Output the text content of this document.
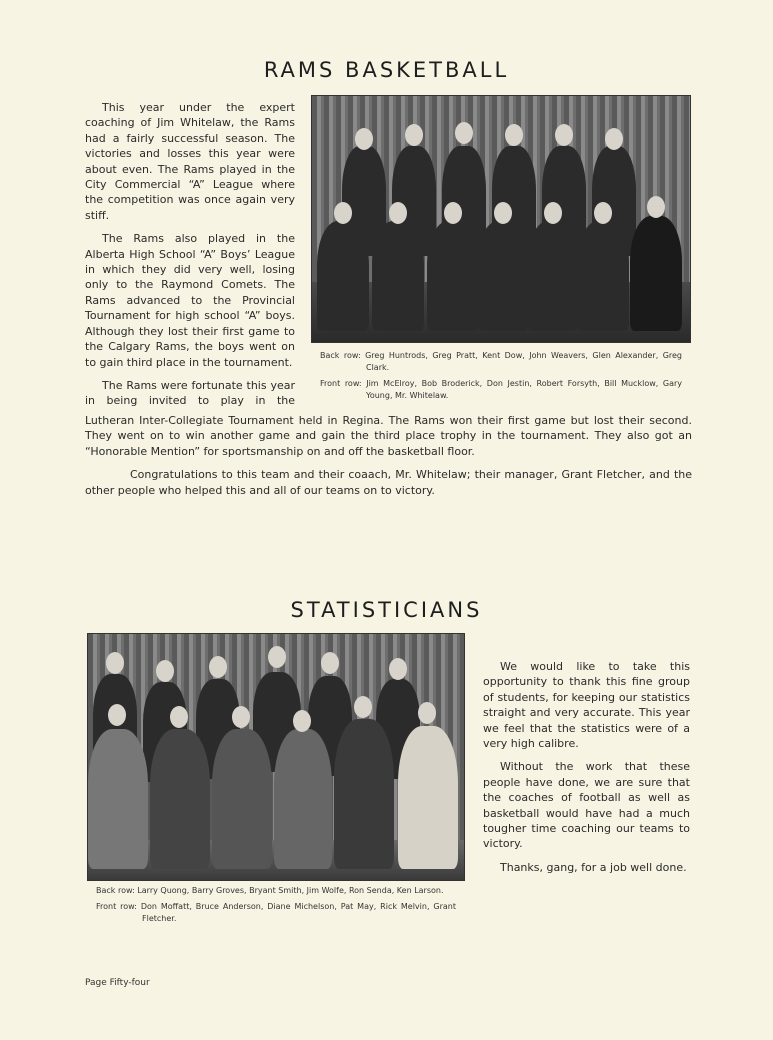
RAMS BASKETBALL

This year under the expert coaching of Jim Whitelaw, the Rams had a fairly successful season. The victories and losses this year were about even. The Rams played in the City Commercial “A” League where the competition was once again very stiff.

The Rams also played in the Alberta High School “A” Boys’ League in which they did very well, losing only to the Raymond Comets. The Rams advanced to the Provincial Tournament for high school “A” boys. Although they lost their first game to the Calgary Rams, the boys went on to gain third place in the tournament.

The Rams were fortunate this year in being invited to play in the

Back row: Greg Huntrods, Greg Pratt, Kent Dow, John Weavers, Glen Alexander, Greg Clark.
Front row: Jim McElroy, Bob Broderick, Don Jestin, Robert Forsyth, Bill Mucklow, Gary Young, Mr. Whitelaw.

Lutheran Inter-Collegiate Tournament held in Regina. The Rams won their first game but lost their second. They went on to win another game and gain the third place trophy in the tournament. They also got an “Honorable Mention” for sportsmanship on and off the basketball floor.

Congratulations to this team and their coaach, Mr. Whitelaw; their manager, Grant Fletcher, and the other people who helped this and all of our teams on to victory.

STATISTICIANS
Back row: Larry Quong, Barry Groves, Bryant Smith, Jim Wolfe, Ron Senda, Ken Larson.
Front row: Don Moffatt, Bruce Anderson, Diane Michelson, Pat May, Rick Melvin, Grant Fletcher.

We would like to take this opportunity to thank this fine group of students, for keeping our statistics straight and very accurate. This year we feel that the statistics were of a very high calibre.

Without the work that these people have done, we are sure that the coaches of football as well as basketball would have had a much tougher time coaching our teams to victory.

Thanks, gang, for a job well done.

Page Fifty-four
